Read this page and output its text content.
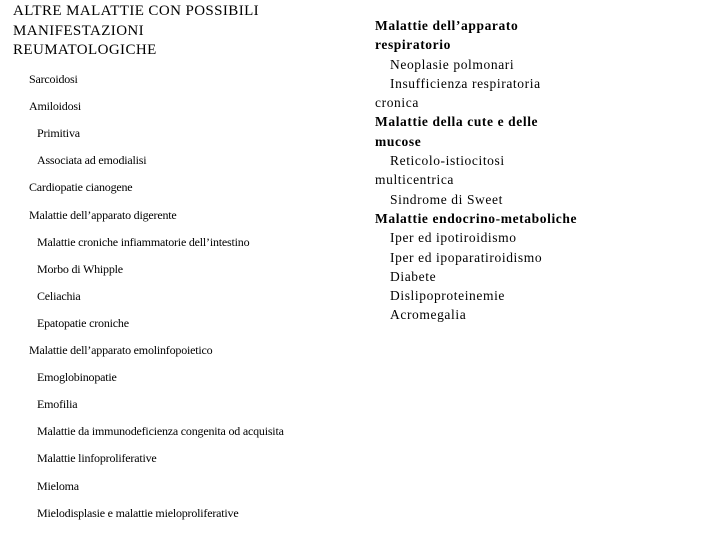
ALTRE MALATTIE CON POSSIBILI
MANIFESTAZIONI
REUMATOLOGICHE
Sarcoidosi
Amiloidosi
Primitiva
Associata ad emodialisi
Cardiopatie cianogene
Malattie dell’apparato digerente
Malattie croniche infiammatorie dell’intestino
Morbo di Whipple
Celiachia
Epatopatie croniche
Malattie dell’apparato emolinfopoietico
Emoglobinopatie
Emofilia
Malattie da immunodeficienza congenita od acquisita
Malattie linfoproliferative
Mieloma
Mielodisplasie e malattie mieloproliferative
Malattie dell’apparato
respiratorio
Neoplasie polmonari
Insufficienza respiratoria
cronica
Malattie della cute e delle
mucose
Reticolo-istiocitosi
multicentrica
Sindrome di Sweet
Malattie endocrino-metaboliche
Iper ed ipotiroidismo
Iper ed ipoparatiroidismo
Diabete
Dislipoproteinemie
Acromegalia
